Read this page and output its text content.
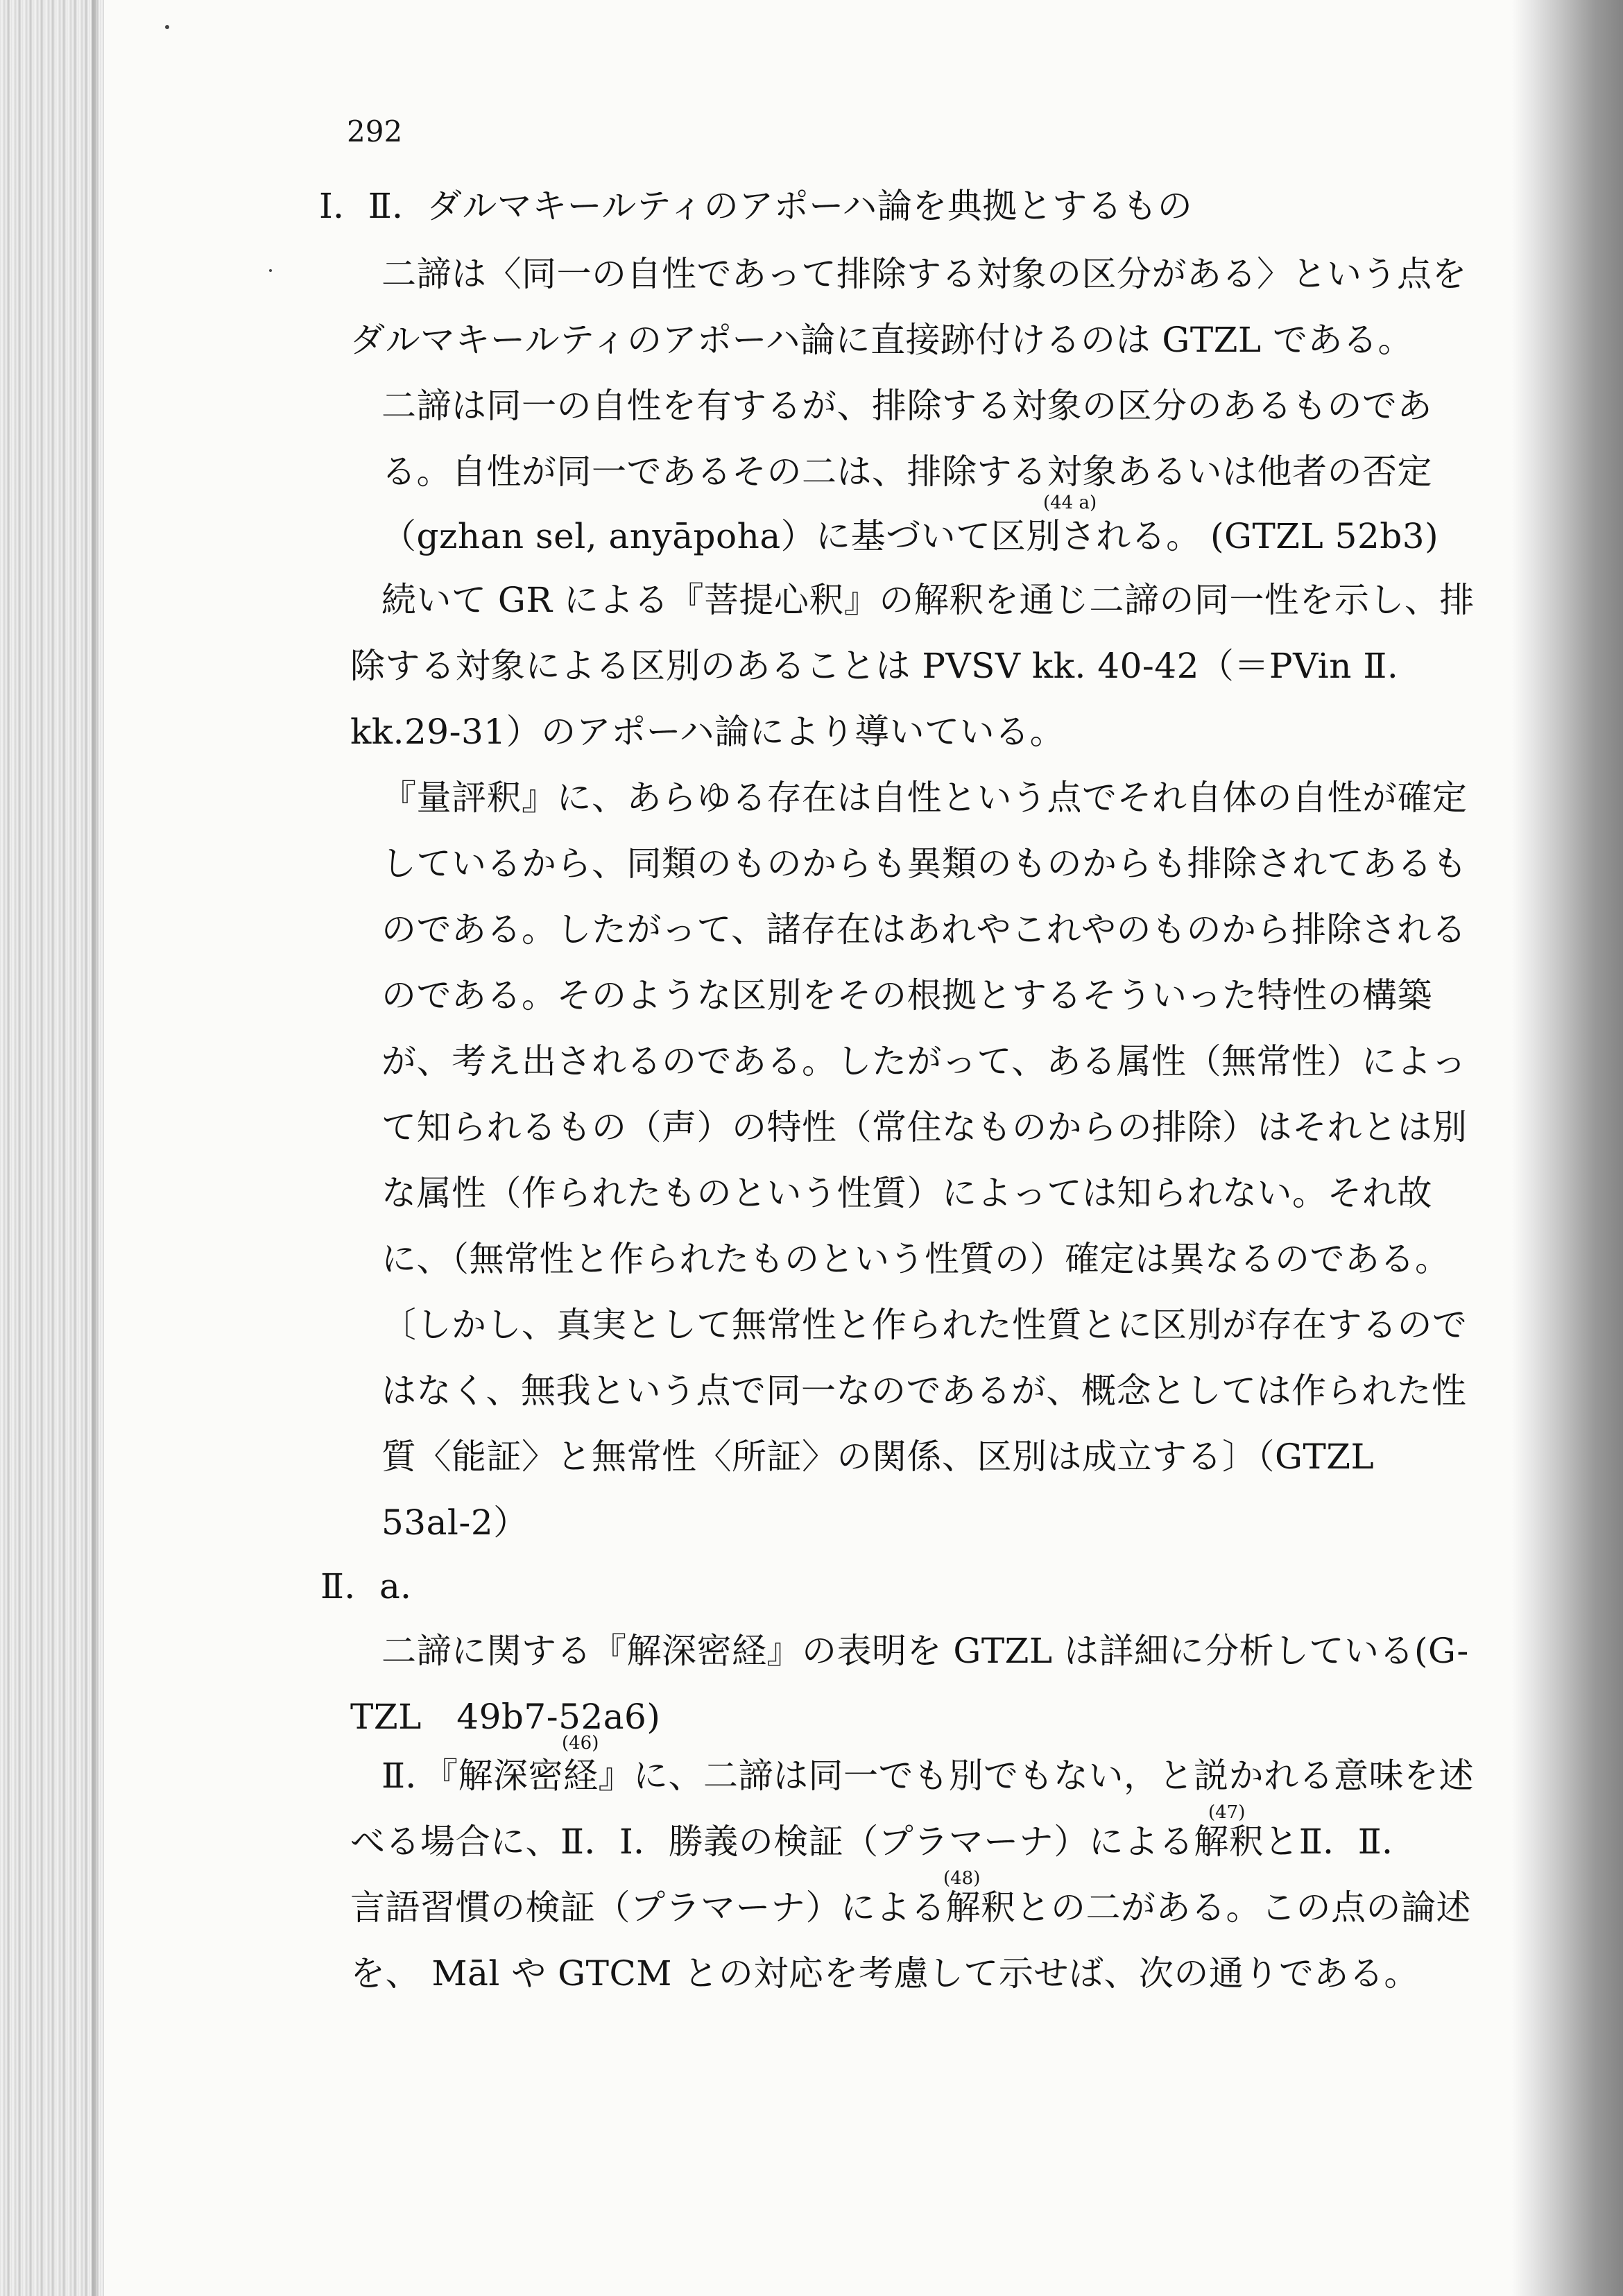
292
Ⅰ．Ⅱ．ダルマキールティのアポーハ論を典拠とするもの
二諦は〈同一の自性であって排除する対象の区分がある〉という点を
ダルマキールティのアポーハ論に直接跡付けるのは GTZL である。
二諦は同一の自性を有するが、排除する対象の区分のあるものであ
る。自性が同一であるその二は、排除する対象あるいは他者の否定
(44 a)
（gzhan sel, anyāpoha）に基づいて区別される。 (GTZL 52b3)
続いて GR による『菩提心釈』の解釈を通じ二諦の同一性を示し、排
除する対象による区別のあることは PVSV kk. 40-42（＝PVin Ⅱ.
kk.29-31）のアポーハ論により導いている。
『量評釈』に、あらゆる存在は自性という点でそれ自体の自性が確定
しているから、同類のものからも異類のものからも排除されてあるも
のである。したがって、諸存在はあれやこれやのものから排除される
のである。そのような区別をその根拠とするそういった特性の構築
が、考え出されるのである。したがって、ある属性（無常性）によっ
て知られるもの（声）の特性（常住なものからの排除）はそれとは別
な属性（作られたものという性質）によっては知られない。それ故
に、（無常性と作られたものという性質の）確定は異なるのである。
〔しかし、真実として無常性と作られた性質とに区別が存在するので
はなく、無我という点で同一なのであるが、概念としては作られた性
質〈能証〉と無常性〈所証〉の関係、区別は成立する〕（GTZL
53al-2）
Ⅱ．a．
二諦に関する『解深密経』の表明を GTZL は詳細に分析している(G-
TZL　49b7-52a6)
(46)
Ⅱ．『解深密経』に、二諦は同一でも別でもない，と説かれる意味を述
(47)
べる場合に、Ⅱ．Ⅰ．勝義の検証（プラマーナ）による解釈とⅡ．Ⅱ．
(48)
言語習慣の検証（プラマーナ）による解釈との二がある。この点の論述
を、 Māl や GTCM との対応を考慮して示せば、次の通りである。
